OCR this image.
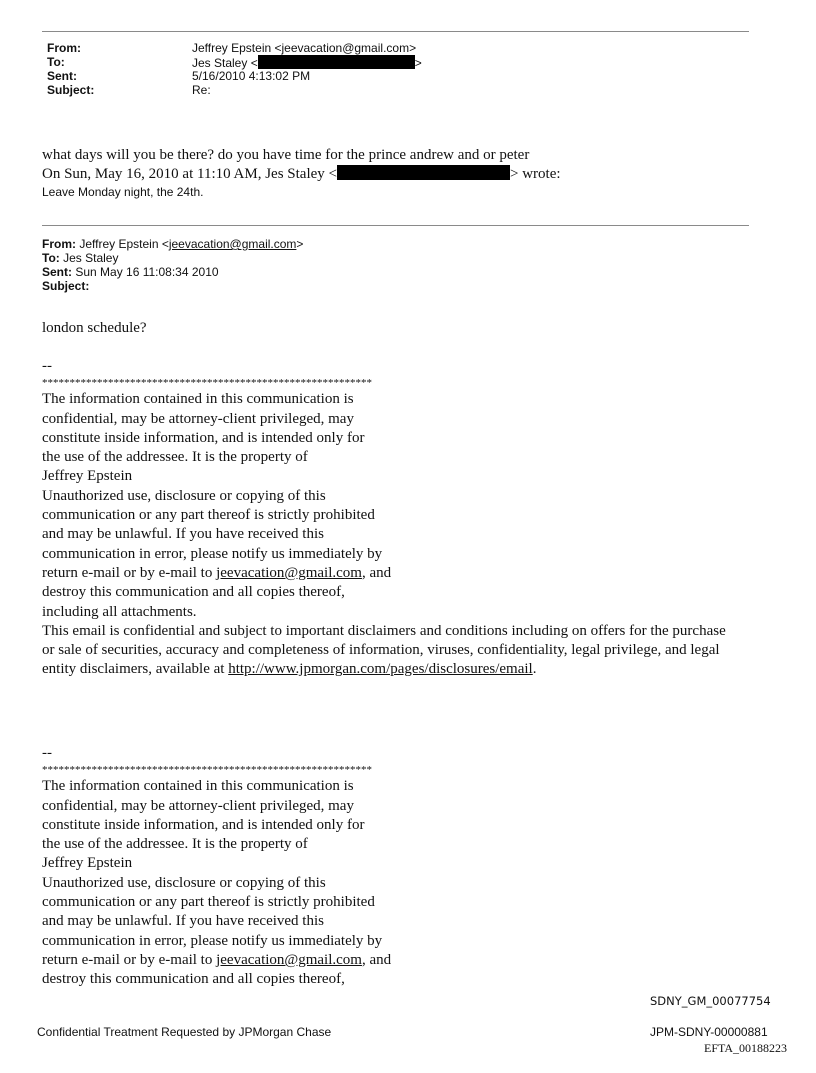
From:	Jeffrey Epstein <jeevacation@gmail.com>
To:	Jes Staley <	>
Sent:	5/16/2010 4:13:02 PM
Subject:	Re:
what days will you be there? do you have time for the prince andrew and or peter
On Sun, May 16, 2010 at 11:10 AM, Jes Staley <	> wrote:
Leave Monday night, the 24th.
From: Jeffrey Epstein <jeevacation@gmail.com>
To: Jes Staley
Sent: Sun May 16 11:08:34 2010
Subject:
london schedule?
--
************************************************************
The information contained in this communication is
confidential, may be attorney-client privileged, may
constitute inside information, and is intended only for
the use of the addressee. It is the property of
Jeffrey Epstein
Unauthorized use, disclosure or copying of this
communication or any part thereof is strictly prohibited
and may be unlawful. If you have received this
communication in error, please notify us immediately by
return e-mail or by e-mail to jeevacation@gmail.com, and
destroy this communication and all copies thereof,
including all attachments.
This email is confidential and subject to important disclaimers and conditions including on offers for the purchase
or sale of securities, accuracy and completeness of information, viruses, confidentiality, legal privilege, and legal
entity disclaimers, available at http://www.jpmorgan.com/pages/disclosures/email.
--
************************************************************
The information contained in this communication is
confidential, may be attorney-client privileged, may
constitute inside information, and is intended only for
the use of the addressee. It is the property of
Jeffrey Epstein
Unauthorized use, disclosure or copying of this
communication or any part thereof is strictly prohibited
and may be unlawful. If you have received this
communication in error, please notify us immediately by
return e-mail or by e-mail to jeevacation@gmail.com, and
destroy this communication and all copies thereof,
SDNY_GM_00077754
Confidential Treatment Requested by JPMorgan Chase	JPM-SDNY-00000881
EFTA_00188223
